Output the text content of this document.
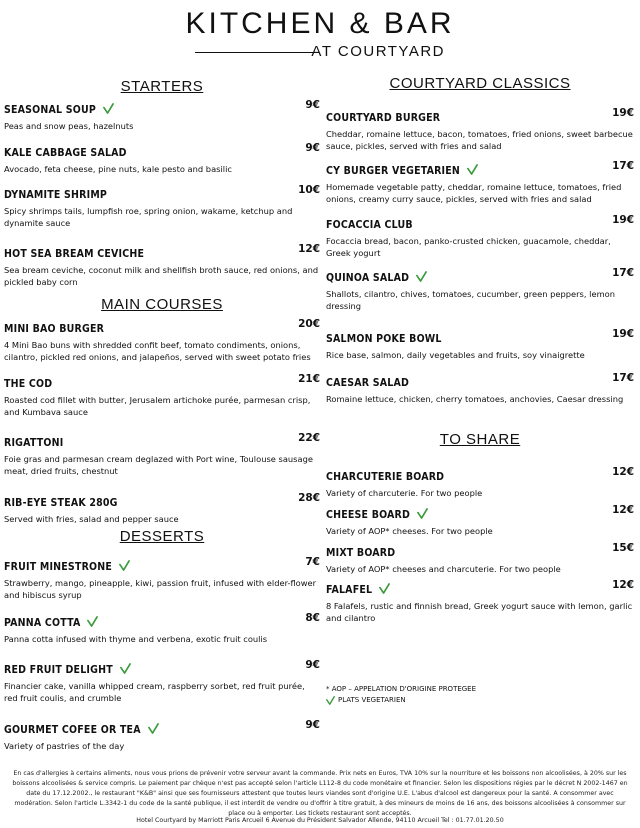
KITCHEN & BAR
AT COURTYARD
STARTERS
SEASONAL SOUP	9€
Peas and snow peas, hazelnuts
KALE CABBAGE SALAD	9€
Avocado, feta cheese, pine nuts, kale pesto and basilic
DYNAMITE SHRIMP	10€
Spicy shrimps tails, lumpfish roe, spring onion, wakame, ketchup and dynamite sauce
HOT SEA BREAM CEVICHE	12€
Sea bream ceviche, coconut milk and shellfish broth sauce, red onions, and pickled baby corn
MAIN COURSES
MINI BAO BURGER	20€
4 Mini Bao buns with shredded confit beef, tomato condiments, onions, cilantro, pickled red onions, and jalapeños, served with sweet potato fries
THE COD	21€
Roasted cod fillet with butter, Jerusalem artichoke purée, parmesan crisp, and Kumbava sauce
RIGATTONI	22€
Foie gras and parmesan cream deglazed with Port wine, Toulouse sausage meat, dried fruits, chestnut
RIB-EYE STEAK 280G	28€
Served with fries, salad and pepper sauce
DESSERTS
FRUIT MINESTRONE	7€
Strawberry, mango, pineapple, kiwi, passion fruit, infused with elder-flower and hibiscus syrup
PANNA COTTA	8€
Panna cotta infused with thyme and verbena, exotic fruit coulis
RED FRUIT DELIGHT	9€
Financier cake, vanilla whipped cream, raspberry sorbet, red fruit purée, red fruit coulis, and crumble
GOURMET COFEE OR TEA	9€
Variety of pastries of the day
COURTYARD CLASSICS
COURTYARD BURGER	19€
Cheddar, romaine lettuce, bacon, tomatoes, fried onions, sweet barbecue sauce, pickles, served with fries and salad
CY BURGER VEGETARIEN	17€
Homemade vegetable patty, cheddar, romaine lettuce, tomatoes, fried onions, creamy curry sauce, pickles, served with fries and salad
FOCACCIA CLUB	19€
Focaccia bread, bacon, panko-crusted chicken, guacamole, cheddar, Greek yogurt
QUINOA SALAD	17€
Shallots, cilantro, chives, tomatoes, cucumber, green peppers, lemon dressing
SALMON POKE BOWL	19€
Rice base, salmon, daily vegetables and fruits, soy vinaigrette
CAESAR SALAD	17€
Romaine lettuce, chicken, cherry tomatoes, anchovies, Caesar dressing
TO SHARE
CHARCUTERIE BOARD	12€
Variety of charcuterie. For two people
CHEESE BOARD	12€
Variety of AOP* cheeses. For two people
MIXT BOARD	15€
Variety of AOP* cheeses and charcuterie. For two people
FALAFEL	12€
8 Falafels, rustic and finnish bread, Greek yogurt sauce with lemon, garlic and cilantro
* AOP – APPELATION D'ORIGINE PROTEGEE
PLATS VEGETARIEN
En cas d'allergies à certains aliments, nous vous prions de prévenir votre serveur avant la commande. Prix nets en Euros, TVA 10% sur la nourriture et les boissons non alcoolisées, à 20% sur les boissons alcoolisées & service compris. Le paiement par chèque n'est pas accepté selon l'article L112-8 du code monétaire et financier. Selon les dispositions régies par le décret N 2002-1467 en date du 17.12.2002., le restaurant "K&B" ainsi que ses fournisseurs attestent que toutes leurs viandes sont d'origine U.E. L'abus d'alcool est dangereux pour la santé. A consommer avec modération. Selon l'article L.3342-1 du code de la santé publique, il est interdit de vendre ou d'offrir à titre gratuit, à des mineurs de moins de 16 ans, des boissons alcoolisées à consommer sur place ou à emporter. Les tickets restaurant sont acceptés.
Hotel Courtyard by Marriott Paris Arcueil 6 Avenue du Président Salvador Allende, 94110 Arcueil Tel : 01.77.01.20.50
